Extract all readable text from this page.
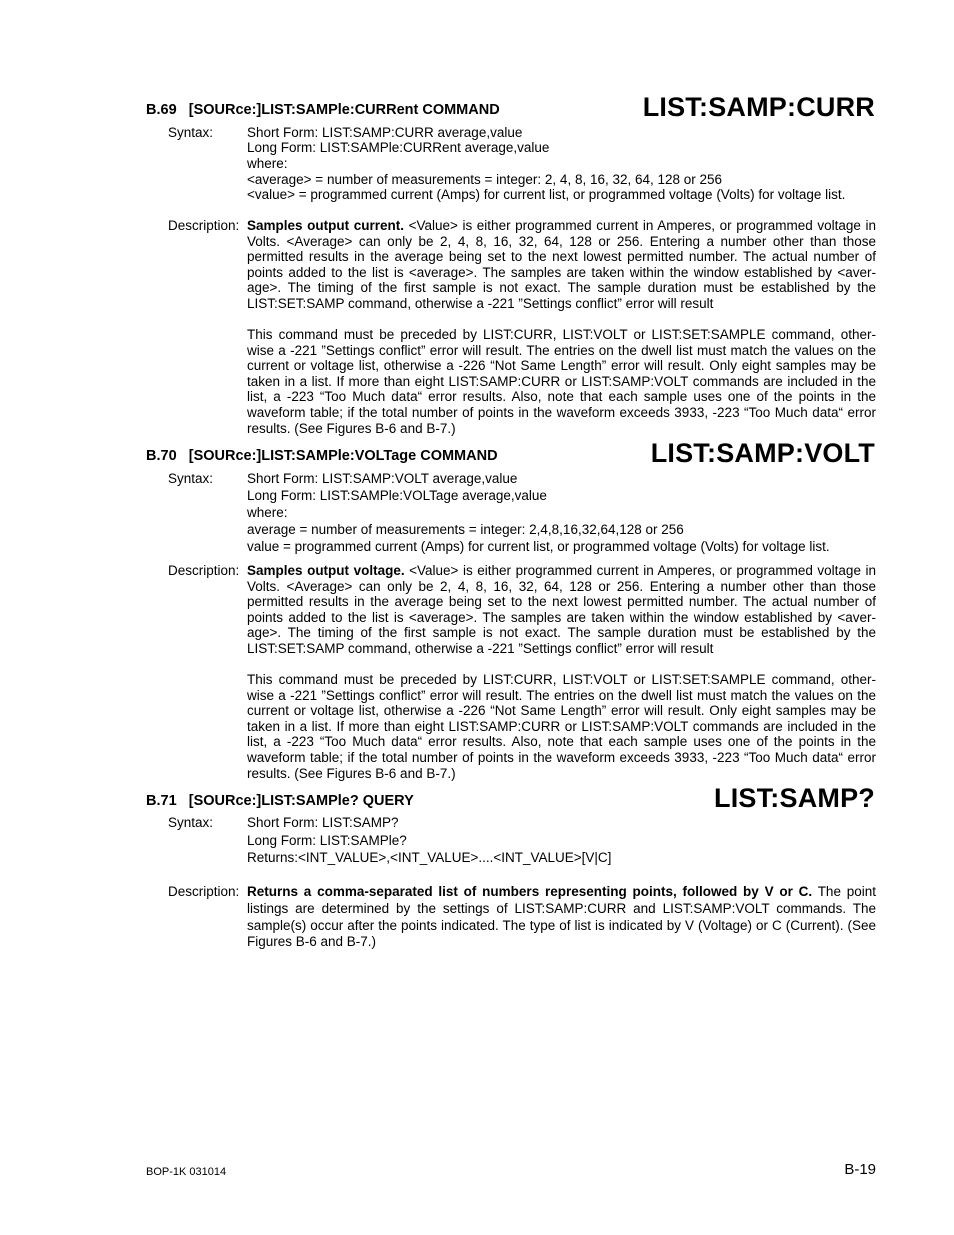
B.69 [SOURce:]LIST:SAMPle:CURRent COMMAND	LIST:SAMP:CURR
Syntax:	Short Form: LIST:SAMP:CURR average,value
Long Form: LIST:SAMPle:CURRent average,value
where:
<average> = number of measurements = integer: 2, 4, 8, 16, 32, 64, 128 or 256
<value> = programmed current (Amps) for current list, or programmed voltage (Volts) for voltage list.
Description: Samples output current. <Value> is either programmed current in Amperes, or programmed voltage in Volts. <Average> can only be 2, 4, 8, 16, 32, 64, 128 or 256. Entering a number other than those permitted results in the average being set to the next lowest permitted number. The actual number of points added to the list is <average>. The samples are taken within the window established by <aver-age>. The timing of the first sample is not exact. The sample duration must be established by the LIST:SET:SAMP command, otherwise a -221 ”Settings conflict” error will result
This command must be preceded by LIST:CURR, LIST:VOLT or LIST:SET:SAMPLE command, other-wise a -221 ”Settings conflict” error will result. The entries on the dwell list must match the values on the current or voltage list, otherwise a -226 “Not Same Length” error will result. Only eight samples may be taken in a list. If more than eight LIST:SAMP:CURR or LIST:SAMP:VOLT commands are included in the list, a -223 “Too Much data“ error results. Also, note that each sample uses one of the points in the waveform table; if the total number of points in the waveform exceeds 3933, -223 “Too Much data“ error results. (See Figures B-6 and B-7.)
B.70 [SOURce:]LIST:SAMPle:VOLTage COMMAND	LIST:SAMP:VOLT
Syntax:	Short Form: LIST:SAMP:VOLT average,value
Long Form: LIST:SAMPle:VOLTage average,value
where:
average = number of measurements = integer: 2,4,8,16,32,64,128 or 256
value = programmed current (Amps) for current list, or programmed voltage (Volts) for voltage list.
Description: Samples output voltage. <Value> is either programmed current in Amperes, or programmed voltage in Volts. <Average> can only be 2, 4, 8, 16, 32, 64, 128 or 256. Entering a number other than those permitted results in the average being set to the next lowest permitted number. The actual number of points added to the list is <average>. The samples are taken within the window established by <aver-age>. The timing of the first sample is not exact. The sample duration must be established by the LIST:SET:SAMP command, otherwise a -221 ”Settings conflict” error will result
This command must be preceded by LIST:CURR, LIST:VOLT or LIST:SET:SAMPLE command, other-wise a -221 ”Settings conflict” error will result. The entries on the dwell list must match the values on the current or voltage list, otherwise a -226 “Not Same Length” error will result. Only eight samples may be taken in a list. If more than eight LIST:SAMP:CURR or LIST:SAMP:VOLT commands are included in the list, a -223 “Too Much data“ error results. Also, note that each sample uses one of the points in the waveform table; if the total number of points in the waveform exceeds 3933, -223 “Too Much data“ error results. (See Figures B-6 and B-7.)
B.71 [SOURce:]LIST:SAMPle? QUERY	LIST:SAMP?
Syntax:	Short Form: LIST:SAMP?
Long Form: LIST:SAMPle?
Returns:<INT_VALUE>,<INT_VALUE>....<INT_VALUE>[V|C]
Description: Returns a comma-separated list of numbers representing points, followed by V or C. The point listings are determined by the settings of LIST:SAMP:CURR and LIST:SAMP:VOLT commands. The sample(s) occur after the points indicated. The type of list is indicated by V (Voltage) or C (Current). (See Figures B-6 and B-7.)
BOP-1K 031014	B-19
